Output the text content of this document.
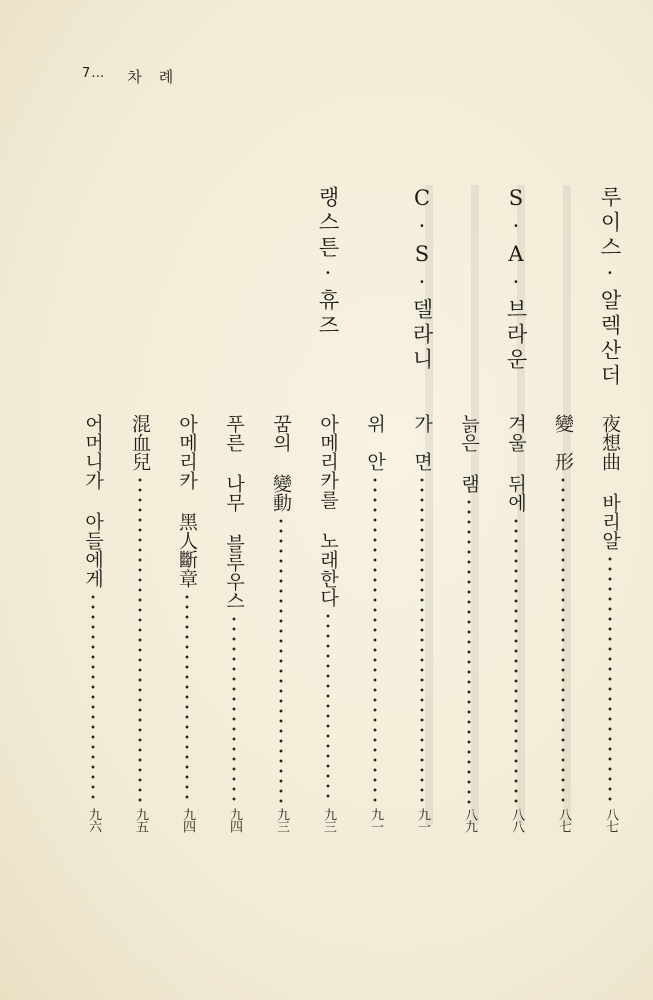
7… 차　례
루이스·알렉산더
S·A·브라운
C·S·델라니
랭스튼·휴즈
夜想曲 바리알
八七
變　形
八七
겨울 뒤에
八八
늙은 램
八九
가　면
九一
위　안
九一
아메리카를 노래한다
九三
꿈의 變動
九三
푸른 나무 블루우스
九四
아메리카 黑人斷章
九四
混血兒
九五
어머니가 아들에게
九六
